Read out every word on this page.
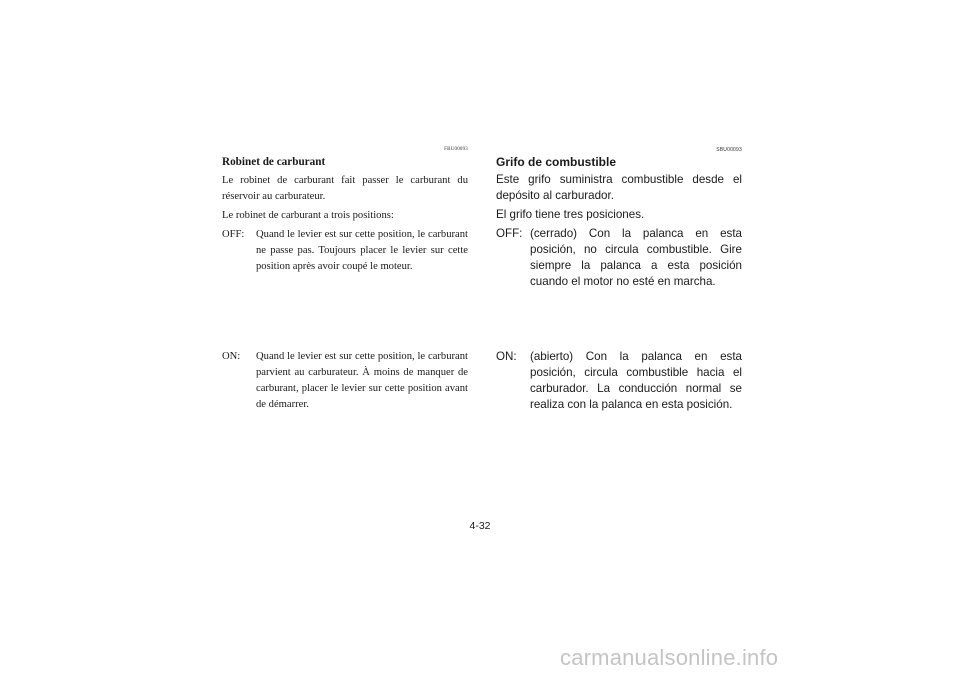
FBU00093
Robinet de carburant

Le robinet de carburant fait passer le carburant du réservoir au carburateur.

Le robinet de carburant a trois positions:

OFF:	Quand le levier est sur cette position, le carburant ne passe pas. Toujours placer le levier sur cette position après avoir coupé le moteur.
ON:	Quand le levier est sur cette position, le carburant parvient au carburateur. À moins de manquer de carburant, placer le levier sur cette position avant de démarrer.
SBU00093
Grifo de combustible

Este grifo suministra combustible desde el depósito al carburador.

El grifo tiene tres posiciones.

OFF: (cerrado) Con la palanca en esta posición, no circula combustible. Gire siempre la palanca a esta posición cuando el motor no esté en marcha.
ON:	(abierto) Con la palanca en esta posición, circula combustible hacia el carburador. La conducción normal se realiza con la palanca en esta posición.
4-32
carmanualsonline.info
